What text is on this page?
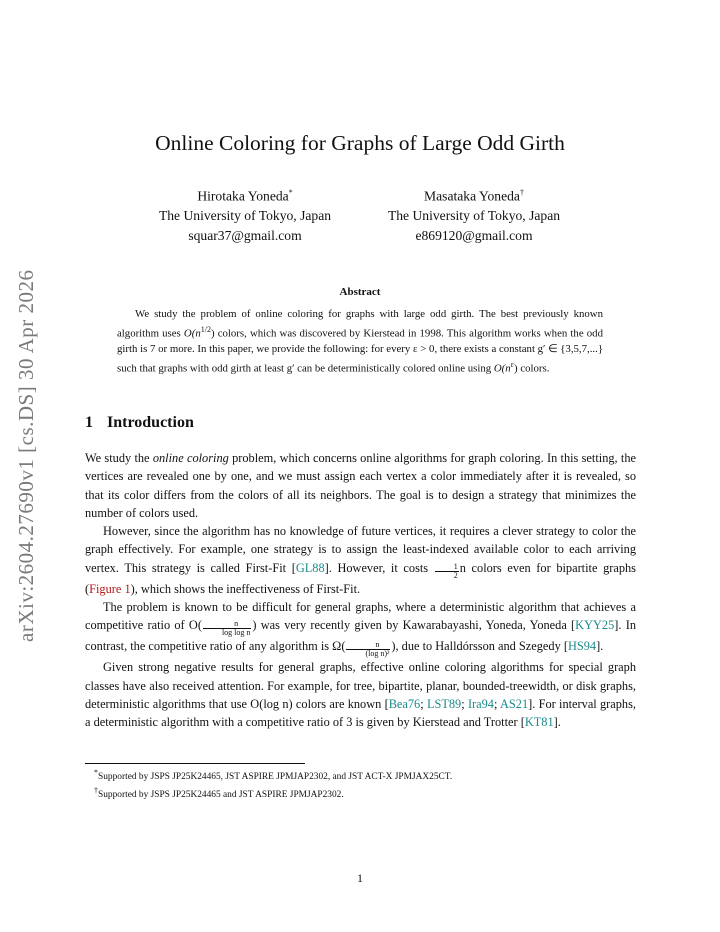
arXiv:2604.27690v1 [cs.DS] 30 Apr 2026
Online Coloring for Graphs of Large Odd Girth
Hirotaka Yoneda*
The University of Tokyo, Japan
squar37@gmail.com
Masataka Yoneda†
The University of Tokyo, Japan
e869120@gmail.com
Abstract

We study the problem of online coloring for graphs with large odd girth. The best previously known algorithm uses $O(n^{1/2})$ colors, which was discovered by Kierstead in 1998. This algorithm works when the odd girth is 7 or more. In this paper, we provide the following: for every ε > 0, there exists a constant g′ ∈ {3,5,7,...} such that graphs with odd girth at least g′ can be deterministically colored online using $O(n^\varepsilon)$ colors.

1 Introduction

We study the online coloring problem, which concerns online algorithms for graph coloring. In this setting, the vertices are revealed one by one, and we must assign each vertex a color immediately after it is revealed, so that its color differs from the colors of all its neighbors. The goal is to design a strategy that minimizes the number of colors used.

However, since the algorithm has no knowledge of future vertices, it requires a clever strategy to color the graph effectively. For example, one strategy is to assign the least-indexed available color to each arriving vertex. This strategy is called First-Fit [GL88]. However, it costs $\frac{1}{2}$ n colors even for bipartite graphs (Figure 1), which shows the ineffectiveness of First-Fit.

The problem is known to be difficult for general graphs, where a deterministic algorithm that achieves a competitive ratio of $O( \frac{n}{\text{log log n}}$ ) was very recently given by Kawarabayashi, Yoneda, Yoneda [KYY25]. In contrast, the competitive ratio of any algorithm is $\Omega( \frac{n}{\text{(log n)²}}$ ), due to Halldórsson and Szegedy [HS94].

Given strong negative results for general graphs, effective online coloring algorithms for special graph classes have also received attention. For example, for tree, bipartite, planar, bounded-treewidth, or disk graphs, deterministic algorithms that use O(log n) colors are known [Bea76; LST89; Ira94; AS21]. For interval graphs, a deterministic algorithm with a competitive ratio of 3 is given by Kierstead and Trotter [KT81].

*Supported by JSPS JP25K24465, JST ASPIRE JPMJAP2302, and JST ACT-X JPMJAX25CT.
†Supported by JSPS JP25K24465 and JST ASPIRE JPMJAP2302.
1
